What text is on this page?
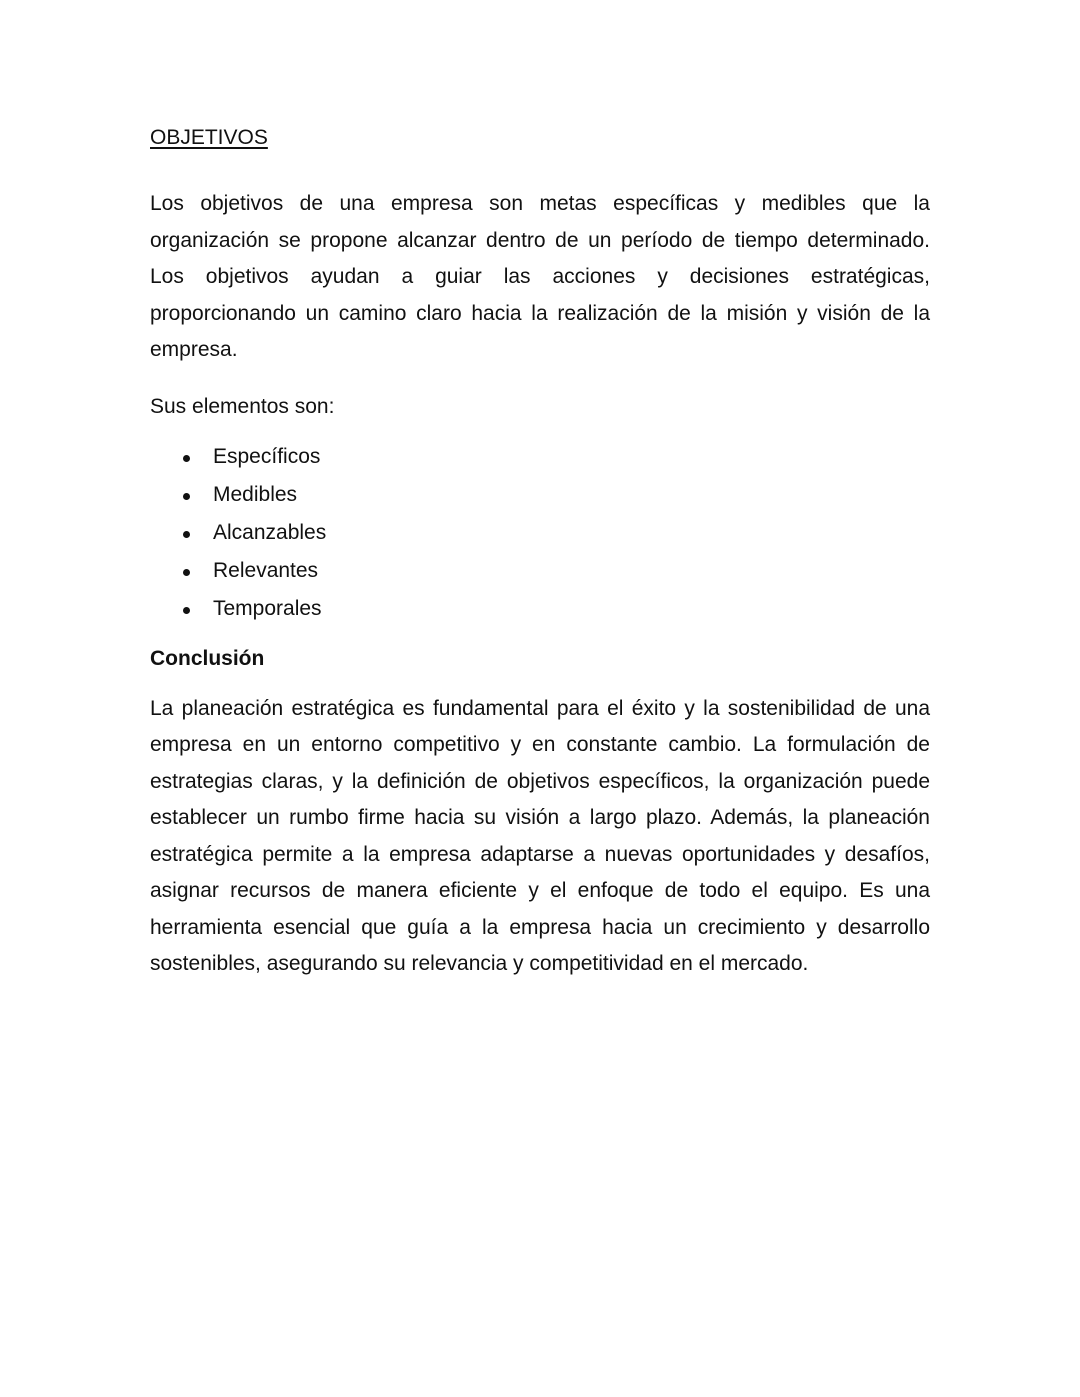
OBJETIVOS

Los objetivos de una empresa son metas específicas y medibles que la organización se propone alcanzar dentro de un período de tiempo determinado. Los objetivos ayudan a guiar las acciones y decisiones estratégicas, proporcionando un camino claro hacia la realización de la misión y visión de la empresa.

Sus elementos son:

Específicos
Medibles
Alcanzables
Relevantes
Temporales
Conclusión

La planeación estratégica es fundamental para el éxito y la sostenibilidad de una empresa en un entorno competitivo y en constante cambio. La formulación de estrategias claras, y la definición de objetivos específicos, la organización puede establecer un rumbo firme hacia su visión a largo plazo. Además, la planeación estratégica permite a la empresa adaptarse a nuevas oportunidades y desafíos, asignar recursos de manera eficiente y el enfoque de todo el equipo. Es una herramienta esencial que guía a la empresa hacia un crecimiento y desarrollo sostenibles, asegurando su relevancia y competitividad en el mercado.
